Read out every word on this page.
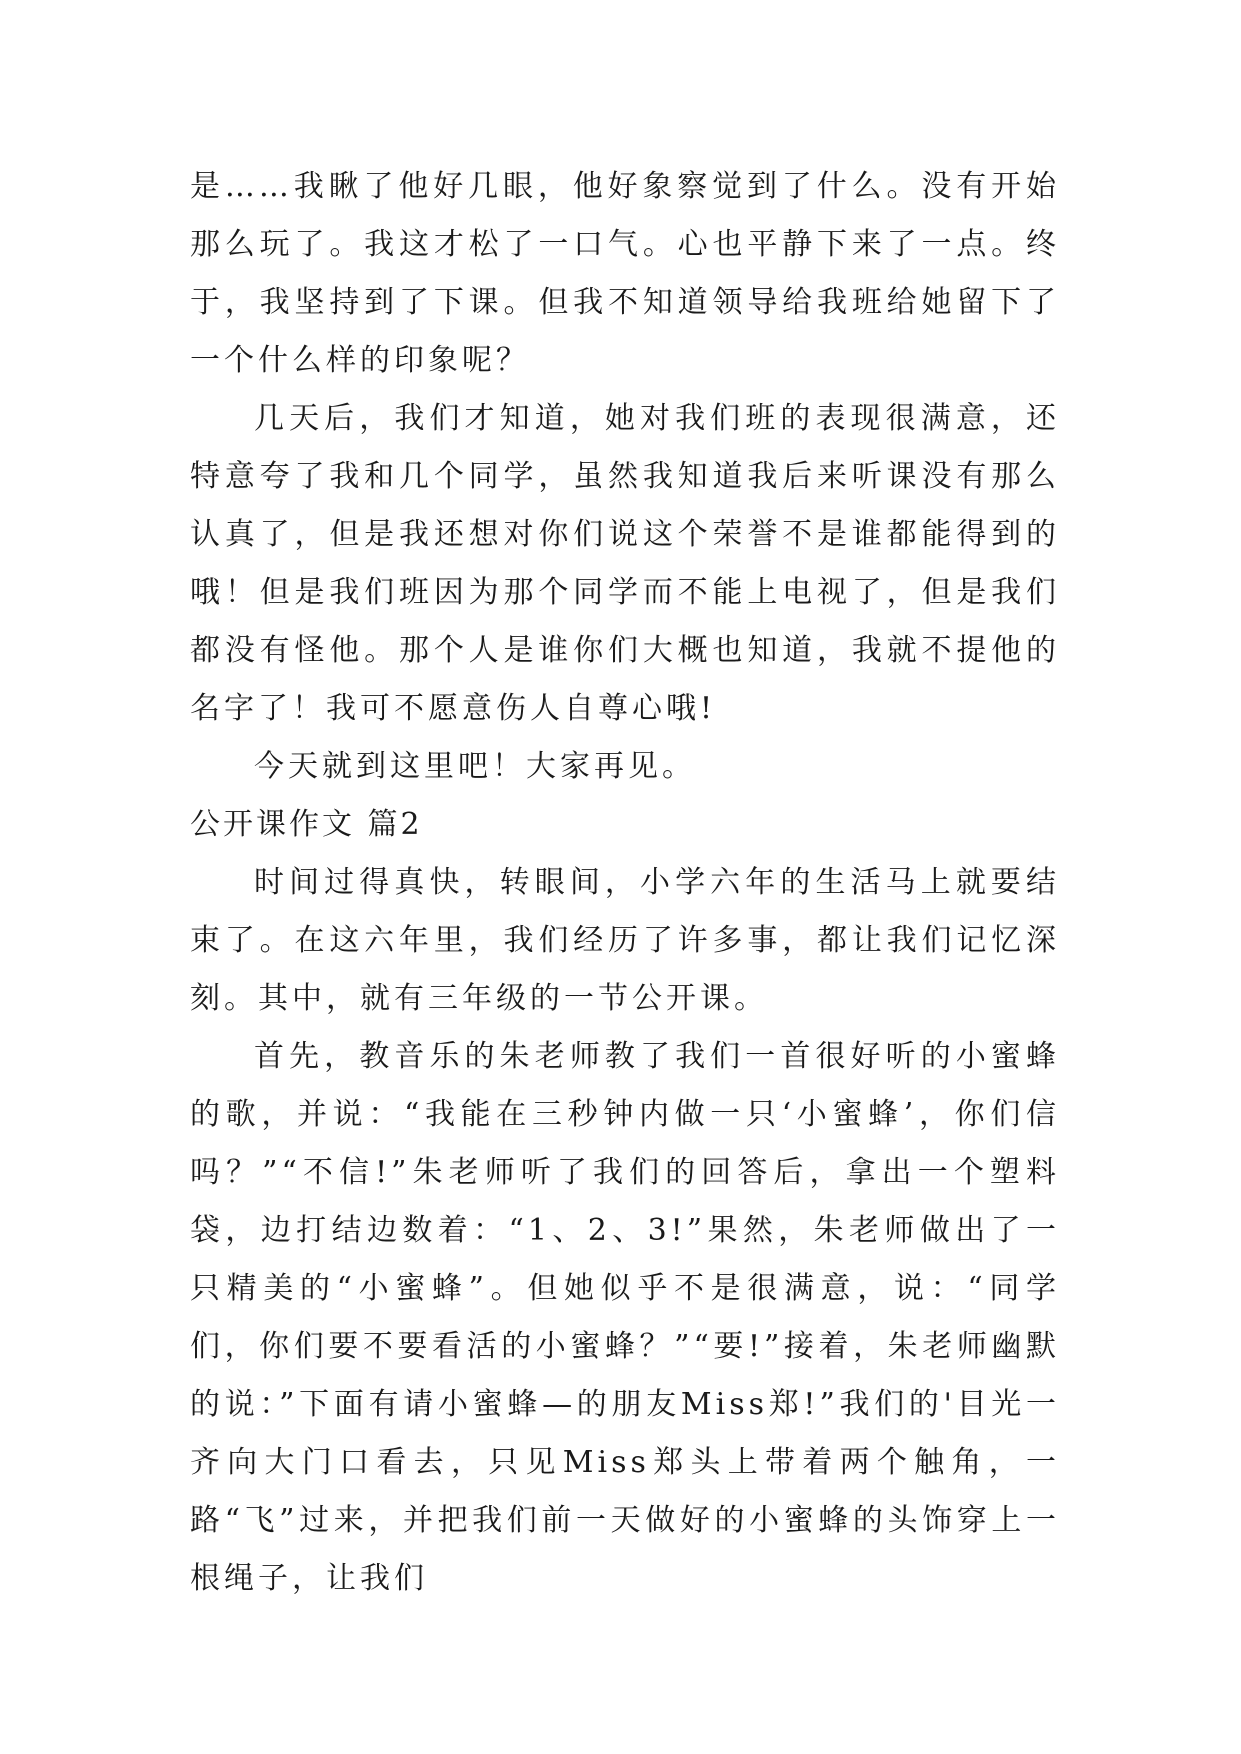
是……我瞅了他好几眼，他好象察觉到了什么。没有开始那么玩了。我这才松了一口气。心也平静下来了一点。终于，我坚持到了下课。但我不知道领导给我班给她留下了一个什么样的印象呢？

几天后，我们才知道，她对我们班的表现很满意，还特意夸了我和几个同学，虽然我知道我后来听课没有那么认真了，但是我还想对你们说这个荣誉不是谁都能得到的哦！但是我们班因为那个同学而不能上电视了，但是我们都没有怪他。那个人是谁你们大概也知道，我就不提他的名字了！我可不愿意伤人自尊心哦!

今天就到这里吧！大家再见。

公开课作文 篇2

时间过得真快，转眼间，小学六年的生活马上就要结束了。在这六年里，我们经历了许多事，都让我们记忆深刻。其中，就有三年级的一节公开课。

首先，教音乐的朱老师教了我们一首很好听的小蜜蜂的歌，并说：“我能在三秒钟内做一只‘小蜜蜂’，你们信吗？”“不信!”朱老师听了我们的回答后，拿出一个塑料袋，边打结边数着：“1、2、3!”果然，朱老师做出了一只精美的“小蜜蜂”。但她似乎不是很满意，说：“同学们，你们要不要看活的小蜜蜂？”“要!”接着，朱老师幽默的说：”下面有请小蜜蜂—的朋友Miss郑!”我们的'目光一齐向大门口看去，只见Miss郑头上带着两个触角，一路“飞”过来，并把我们前一天做好的小蜜蜂的头饰穿上一根绳子，让我们
